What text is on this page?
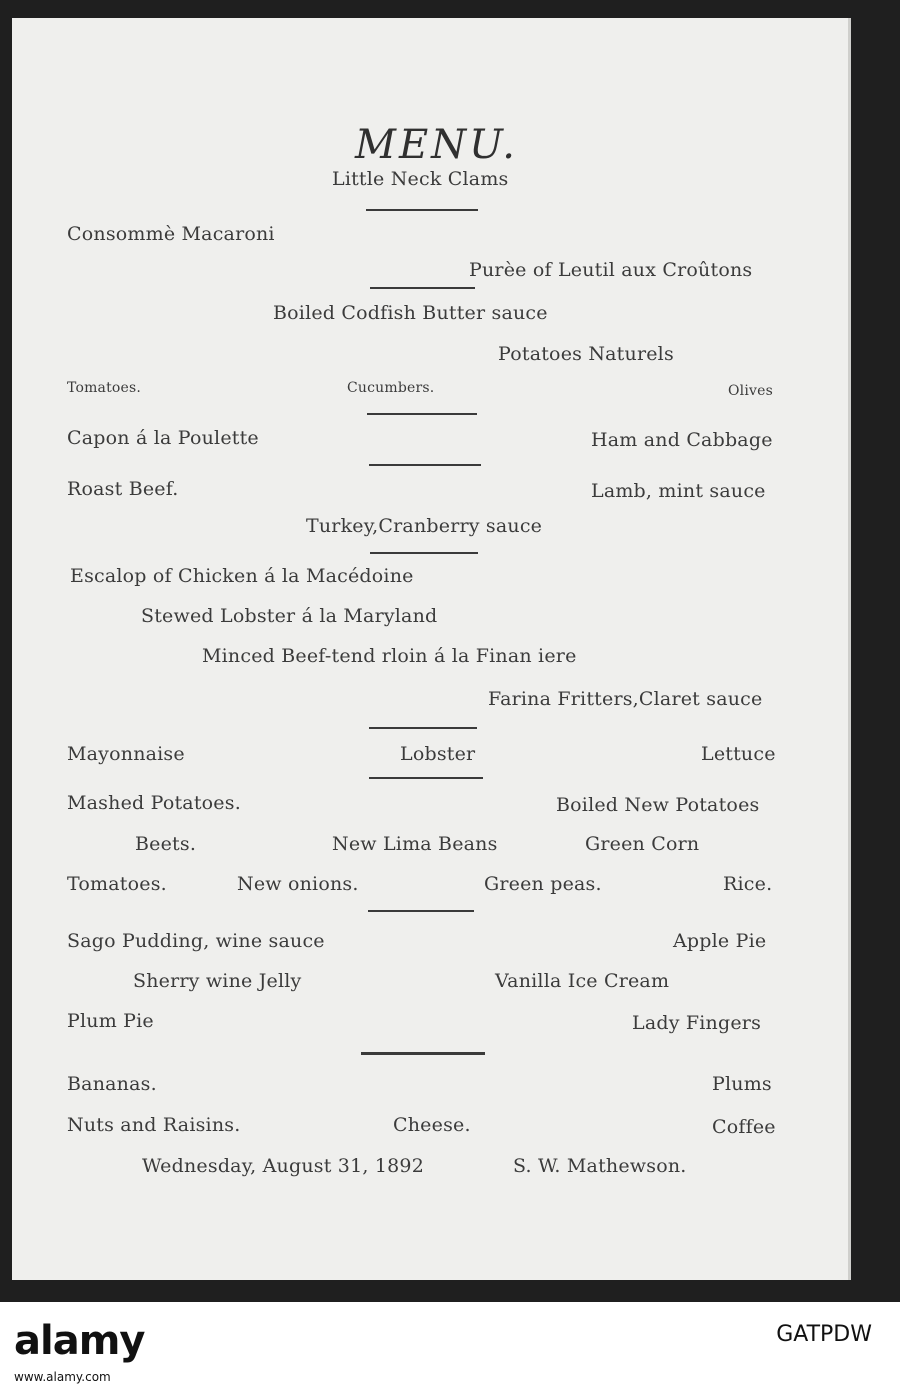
MENU.
Little Neck Clams
Consommè Macaroni
Purèe of Leutil aux Croûtons
Boiled Codfish Butter sauce
Potatoes Naturels
Tomatoes.	Cucumbers.	Olives
Capon á la Poulette	Ham and Cabbage
Roast Beef.	Lamb, mint sauce
Turkey,Cranberry sauce
Escalop of Chicken á la Macédoine
Stewed Lobster á la Maryland
Minced Beef-tend rloin á la Finan iere
Farina Fritters,Claret sauce
Mayonnaise	Lobster	Lettuce
Mashed Potatoes.	Boiled New Potatoes
Beets.	New Lima Beans	Green Corn
Tomatoes.	New onions.	Green peas.	Rice.
Sago Pudding, wine sauce	Apple Pie
Sherry wine Jelly	Vanilla Ice Cream
Plum Pie	Lady Fingers
Bananas.	Plums
Nuts and Raisins.	Cheese.	Coffee
Wednesday, August 31, 1892	S. W. Mathewson.
alamy	GATPDW
www.alamy.com
